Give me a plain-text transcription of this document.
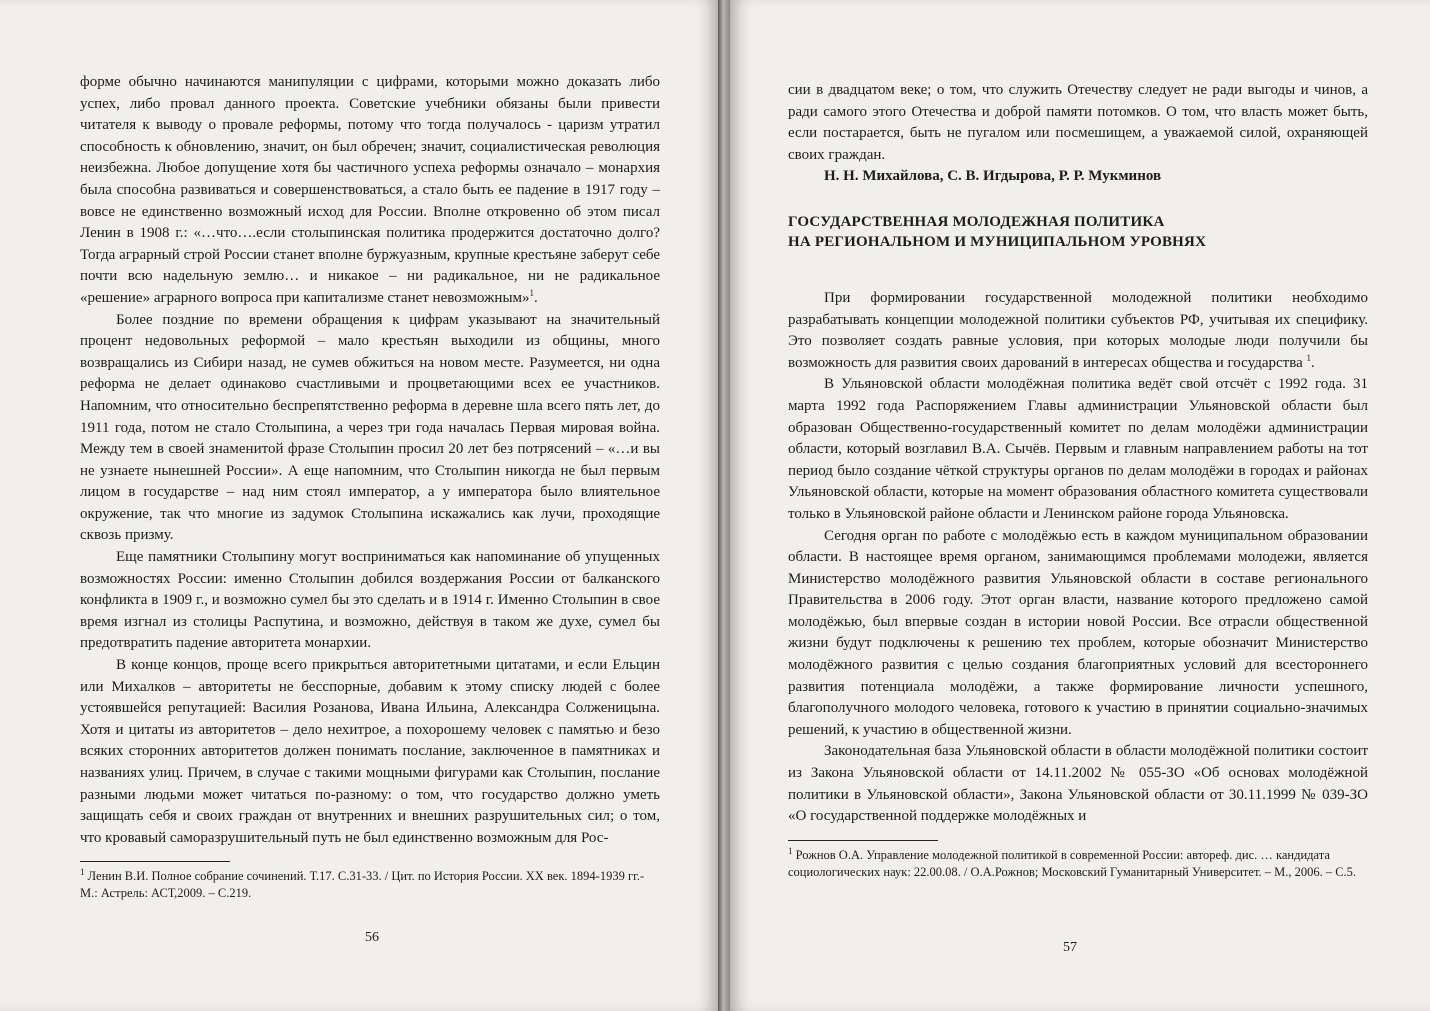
форме обычно начинаются манипуляции с цифрами, которыми можно доказать либо успех, либо провал данного проекта. Советские учебники обязаны были привести читателя к выводу о провале реформы, потому что тогда получалось - царизм утратил способность к обновлению, значит, он был обречен; значит, социалистическая революция неизбежна. Любое допущение хотя бы частичного успеха реформы означало – монархия была способна развиваться и совершенствоваться, а стало быть ее падение в 1917 году – вовсе не единственно возможный исход для России. Вполне откровенно об этом писал Ленин в 1908 г.: «…что….если столыпинская политика продержится достаточно долго? Тогда аграрный строй России станет вполне буржуазным, крупные крестьяне заберут себе почти всю надельную землю… и никакое – ни радикальное, ни не радикальное «решение» аграрного вопроса при капитализме станет невозможным»$^1$.

Более поздние по времени обращения к цифрам указывают на значительный процент недовольных реформой – мало крестьян выходили из общины, много возвращались из Сибири назад, не сумев обжиться на новом месте. Разумеется, ни одна реформа не делает одинаково счастливыми и процветающими всех ее участников. Напомним, что относительно беспрепятственно реформа в деревне шла всего пять лет, до 1911 года, потом не стало Столыпина, а через три года началась Первая мировая война. Между тем в своей знаменитой фразе Столыпин просил 20 лет без потрясений – «…и вы не узнаете нынешней России». А еще напомним, что Столыпин никогда не был первым лицом в государстве – над ним стоял император, а у императора было влиятельное окружение, так что многие из задумок Столыпина искажались как лучи, проходящие сквозь призму.

Еще памятники Столыпину могут восприниматься как напоминание об упущенных возможностях России: именно Столыпин добился воздержания России от балканского конфликта в 1909 г., и возможно сумел бы это сделать и в 1914 г. Именно Столыпин в свое время изгнал из столицы Распутина, и возможно, действуя в таком же духе, сумел бы предотвратить падение авторитета монархии.

В конце концов, проще всего прикрыться авторитетными цитатами, и если Ельцин или Михалков – авторитеты не бесспорные, добавим к этому списку людей с более устоявшейся репутацией: Василия Розанова, Ивана Ильина, Александра Солженицына. Хотя и цитаты из авторитетов – дело нехитрое, а похорошему человек с памятью и безо всяких сторонних авторитетов должен понимать послание, заключенное в памятниках и названиях улиц. Причем, в случае с такими мощными фигурами как Столыпин, послание разными людьми может читаться по-разному: о том, что государство должно уметь защищать себя и своих граждан от внутренних и внешних разрушительных сил; о том, что кровавый саморазрушительный путь не был единственно возможным для Рос-

$^1$ Ленин В.И. Полное собрание сочинений. Т.17. С.31-33. / Цит. по История России. XX век. 1894-1939 гг.- М.: Астрель: АСТ,2009. – С.219.

56

сии в двадцатом веке; о том, что служить Отечеству следует не ради выгоды и чинов, а ради самого этого Отечества и доброй памяти потомков. О том, что власть может быть, если постарается, быть не пугалом или посмешищем, а уважаемой силой, охраняющей своих граждан.

Н. Н. Михайлова, С. В. Игдырова, Р. Р. Мукминов

ГОСУДАРСТВЕННАЯ МОЛОДЕЖНАЯ ПОЛИТИКА
НА РЕГИОНАЛЬНОМ И МУНИЦИПАЛЬНОМ УРОВНЯХ

При формировании государственной молодежной политики необходимо разрабатывать концепции молодежной политики субъектов РФ, учитывая их специфику. Это позволяет создать равные условия, при которых молодые люди получили бы возможность для развития своих дарований в интересах общества и государства $^1$.

В Ульяновской области молодёжная политика ведёт свой отсчёт с 1992 года. 31 марта 1992 года Распоряжением Главы администрации Ульяновской области был образован Общественно-государственный комитет по делам молодёжи администрации области, который возглавил В.А. Сычёв. Первым и главным направлением работы на тот период было создание чёткой структуры органов по делам молодёжи в городах и районах Ульяновской области, которые на момент образования областного комитета существовали только в Ульяновской районе области и Ленинском районе города Ульяновска.

Сегодня орган по работе с молодёжью есть в каждом муниципальном образовании области. В настоящее время органом, занимающимся проблемами молодежи, является Министерство молодёжного развития Ульяновской области в составе регионального Правительства в 2006 году. Этот орган власти, название которого предложено самой молодёжью, был впервые создан в истории новой России. Все отрасли общественной жизни будут подключены к решению тех проблем, которые обозначит Министерство молодёжного развития с целью создания благоприятных условий для всестороннего развития потенциала молодёжи, а также формирование личности успешного, благополучного молодого человека, готового к участию в принятии социально-значимых решений, к участию в общественной жизни.

Законодательная база Ульяновской области в области молодёжной политики состоит из Закона Ульяновской области от 14.11.2002 № 055-ЗО «Об основах молодёжной политики в Ульяновской области», Закона Ульяновской области от 30.11.1999 № 039-ЗО «О государственной поддержке молодёжных и

$^1$ Рожнов О.А. Управление молодежной политикой в современной России: автореф. дис. … кандидата социологических наук: 22.00.08. / О.А.Рожнов; Московский Гуманитарный Университет. – М., 2006. – С.5.

57
